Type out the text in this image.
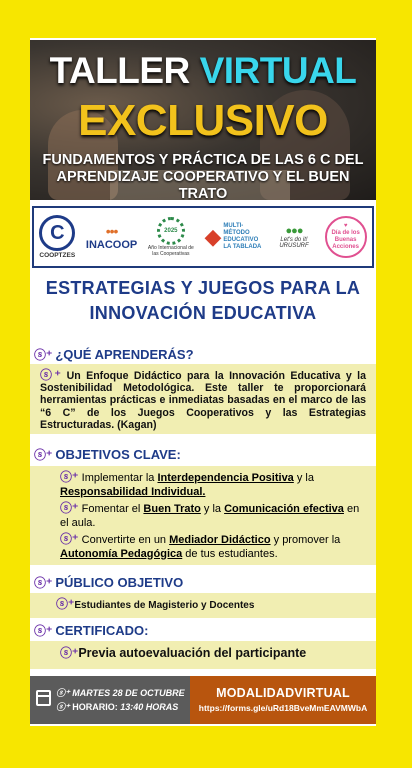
TALLER VIRTUAL
EXCLUSIVO
FUNDAMENTOS Y PRÁCTICA DE LAS 6 C DEL APRENDIZAJE COOPERATIVO Y EL BUEN TRATO
C
COOPTZES
•••
INACOOP
2025
Año Internacional de las Cooperativas
◆ MULTI-MÉTODO EDUCATIVO LA TABLADA
●●●
Let's do it! URUSURF
♥
Día de los Buenas Acciones
ESTRATEGIAS Y JUEGOS PARA LA INNOVACIÓN EDUCATIVA
ⓢ⁺ ¿QUÉ APRENDERÁS?
ⓢ⁺ Un Enfoque Didáctico para la Innovación Educativa y la Sostenibilidad Metodológica. Este taller te proporcionará herramientas prácticas e inmediatas basadas en el marco de las “6 C” de los Juegos Cooperativos y las Estrategias Estructuradas. (Kagan)
ⓢ⁺ OBJETIVOS CLAVE:
ⓢ⁺ Implementar la Interdependencia Positiva y la Responsabilidad Individual.
ⓢ⁺ Fomentar el Buen Trato y la Comunicación efectiva en el aula.
ⓢ⁺ Convertirte en un Mediador Didáctico y promover la Autonomía Pedagógica de tus estudiantes.
ⓢ⁺ PÚBLICO OBJETIVO
ⓢ⁺Estudiantes de Magisterio y Docentes
ⓢ⁺ CERTIFICADO:
ⓢ⁺Previa autoevaluación del participante
ⓢ⁺ MARTES 28 DE OCTUBRE
ⓢ⁺ HORARIO: 13:40 HORAS
MODALIDADVIRTUAL
https://forms.gle/uRd18BveMmEAVMWbA
